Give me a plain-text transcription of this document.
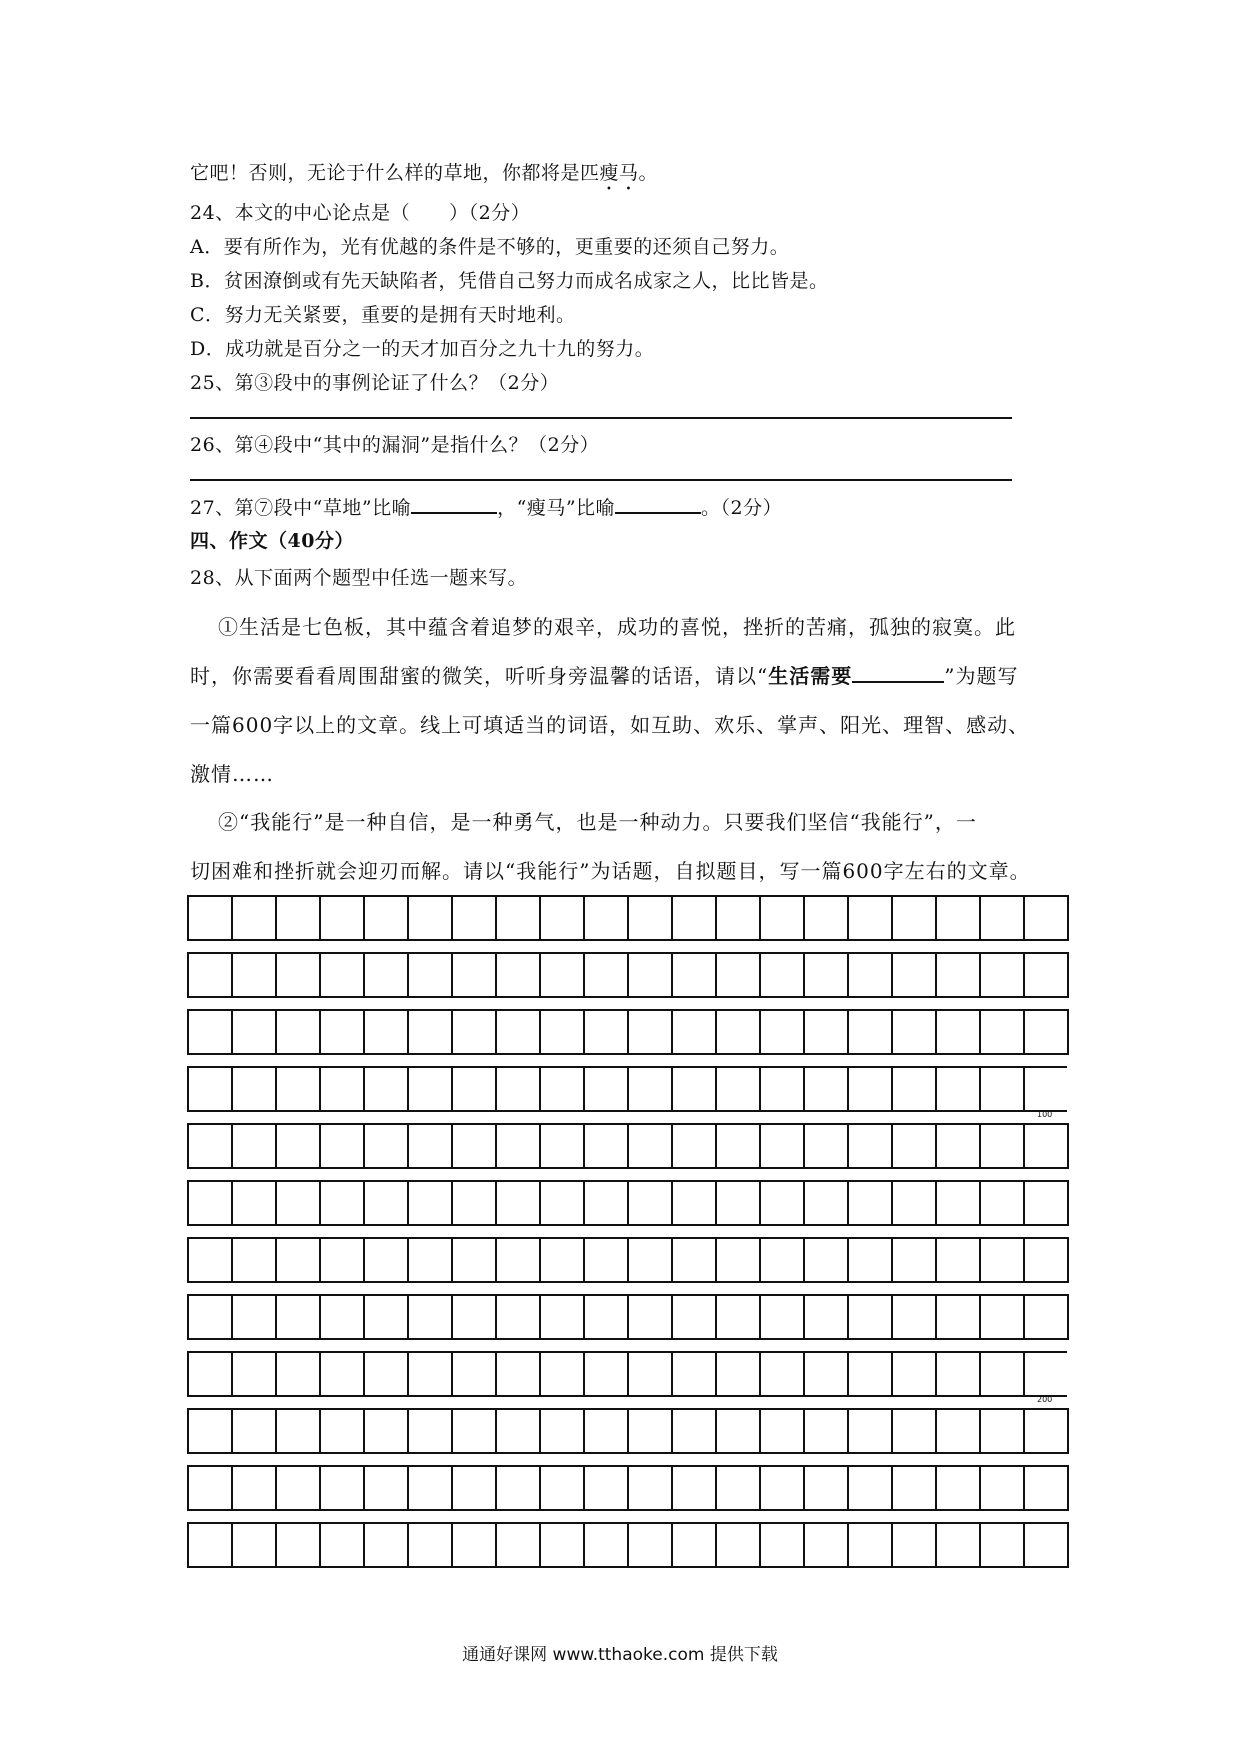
它吧！否则，无论于什么样的草地，你都将是匹瘦马。
24、本文的中心论点是（　　）（2分）
A．要有所作为，光有优越的条件是不够的，更重要的还须自己努力。
B．贫困潦倒或有先天缺陷者，凭借自己努力而成名成家之人，比比皆是。
C．努力无关紧要，重要的是拥有天时地利。
D．成功就是百分之一的天才加百分之九十九的努力。
25、第③段中的事例论证了什么？（2分）
26、第④段中“其中的漏洞”是指什么？（2分）
27、第⑦段中“草地”比喻	，“瘦马”比喻	。（2分）
四、作文（40分）
28、从下面两个题型中任选一题来写。
①生活是七色板，其中蕴含着追梦的艰辛，成功的喜悦，挫折的苦痛，孤独的寂寞。此
时，你需要看看周围甜蜜的微笑，听听身旁温馨的话语，请以“生活需要	”为题写
一篇600字以上的文章。线上可填适当的词语，如互助、欢乐、掌声、阳光、理智、感动、
激情……
②“我能行”是一种自信，是一种勇气，也是一种动力。只要我们坚信“我能行”，一
切困难和挫折就会迎刃而解。请以“我能行”为话题，自拟题目，写一篇600字左右的文章。
100
200
通通好课网 www.tthaoke.com 提供下载
